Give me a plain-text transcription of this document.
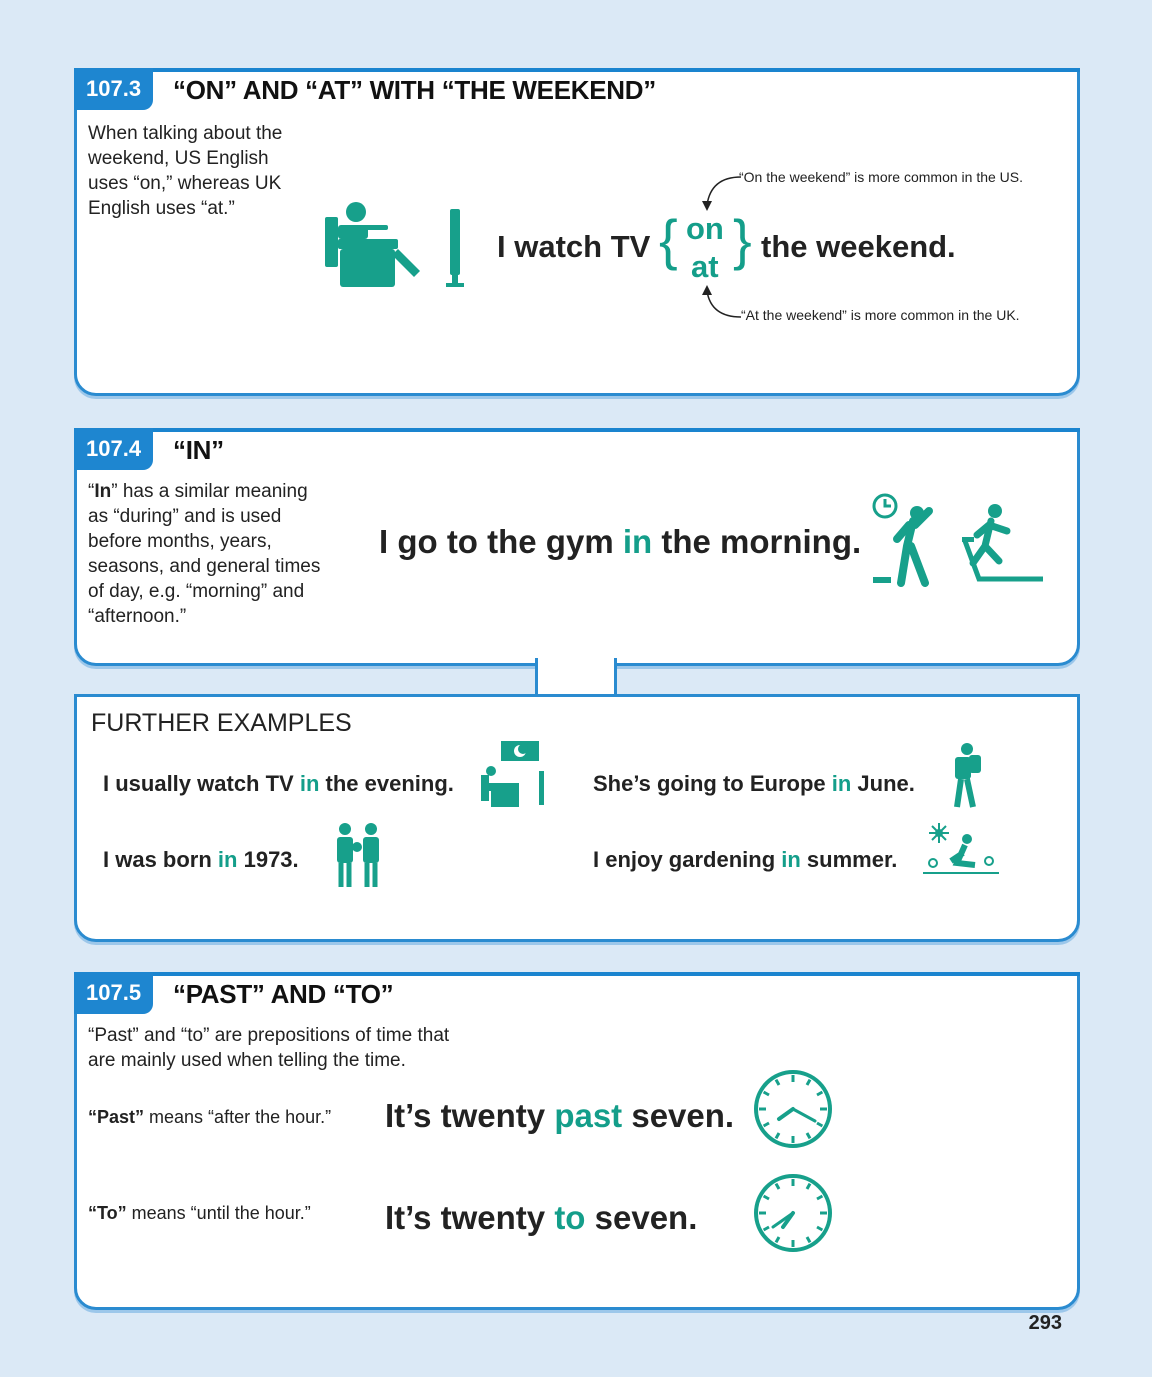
107.3	“ON” AND “AT” WITH “THE WEEKEND”
When talking about the weekend, US English uses “on,” whereas UK English uses “at.”
I watch TV { on
at } the weekend.
“On the weekend” is more common in the US.
“At the weekend” is more common in the UK.
107.4	“IN”
“In” has a similar meaning as “during” and is used before months, years, seasons, and general times of day, e.g. “morning” and “afternoon.”
I go to the gym in the morning.
FURTHER EXAMPLES
I usually watch TV in the evening.	She’s going to Europe in June.
I was born in 1973.	I enjoy gardening in summer.
107.5	“PAST” AND “TO”
“Past” and “to” are prepositions of time that are mainly used when telling the time.
“Past” means “after the hour.” It’s twenty past seven.
“To” means “until the hour.” It’s twenty to seven.
293
